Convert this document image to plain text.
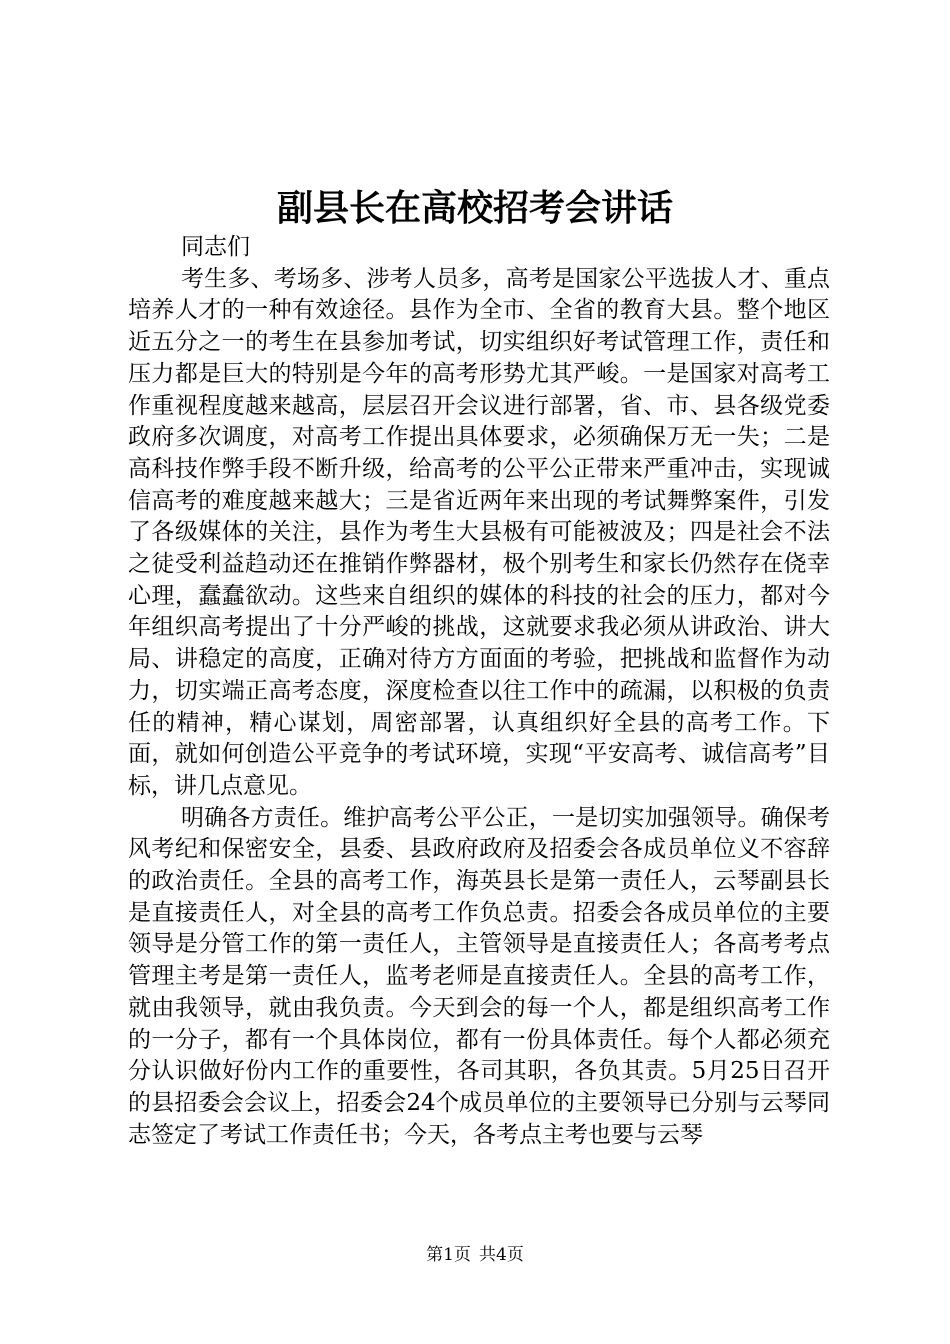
副县长在高校招考会讲话

同志们

考生多、考场多、涉考人员多，高考是国家公平选拔人才、重点培养人才的一种有效途径。县作为全市、全省的教育大县。整个地区近五分之一的考生在县参加考试，切实组织好考试管理工作，责任和压力都是巨大的特别是今年的高考形势尤其严峻。一是国家对高考工作重视程度越来越高，层层召开会议进行部署，省、市、县各级党委政府多次调度，对高考工作提出具体要求，必须确保万无一失；二是高科技作弊手段不断升级，给高考的公平公正带来严重冲击，实现诚信高考的难度越来越大；三是省近两年来出现的考试舞弊案件，引发了各级媒体的关注，县作为考生大县极有可能被波及；四是社会不法之徒受利益趋动还在推销作弊器材，极个别考生和家长仍然存在侥幸心理，蠢蠢欲动。这些来自组织的媒体的科技的社会的压力，都对今年组织高考提出了十分严峻的挑战，这就要求我必须从讲政治、讲大局、讲稳定的高度，正确对待方方面面的考验，把挑战和监督作为动力，切实端正高考态度，深度检查以往工作中的疏漏，以积极的负责任的精神，精心谋划，周密部署，认真组织好全县的高考工作。下面，就如何创造公平竞争的考试环境，实现“平安高考、诚信高考”目标，讲几点意见。

明确各方责任。维护高考公平公正，一是切实加强领导。确保考风考纪和保密安全，县委、县政府政府及招委会各成员单位义不容辞的政治责任。全县的高考工作，海英县长是第一责任人，云琴副县长是直接责任人，对全县的高考工作负总责。招委会各成员单位的主要领导是分管工作的第一责任人，主管领导是直接责任人；各高考考点管理主考是第一责任人，监考老师是直接责任人。全县的高考工作，就由我领导，就由我负责。今天到会的每一个人，都是组织高考工作的一分子，都有一个具体岗位，都有一份具体责任。每个人都必须充分认识做好份内工作的重要性，各司其职，各负其责。5月25日召开的县招委会会议上，招委会24个成员单位的主要领导已分别与云琴同志签定了考试工作责任书；今天，各考点主考也要与云琴

第1页 共4页
